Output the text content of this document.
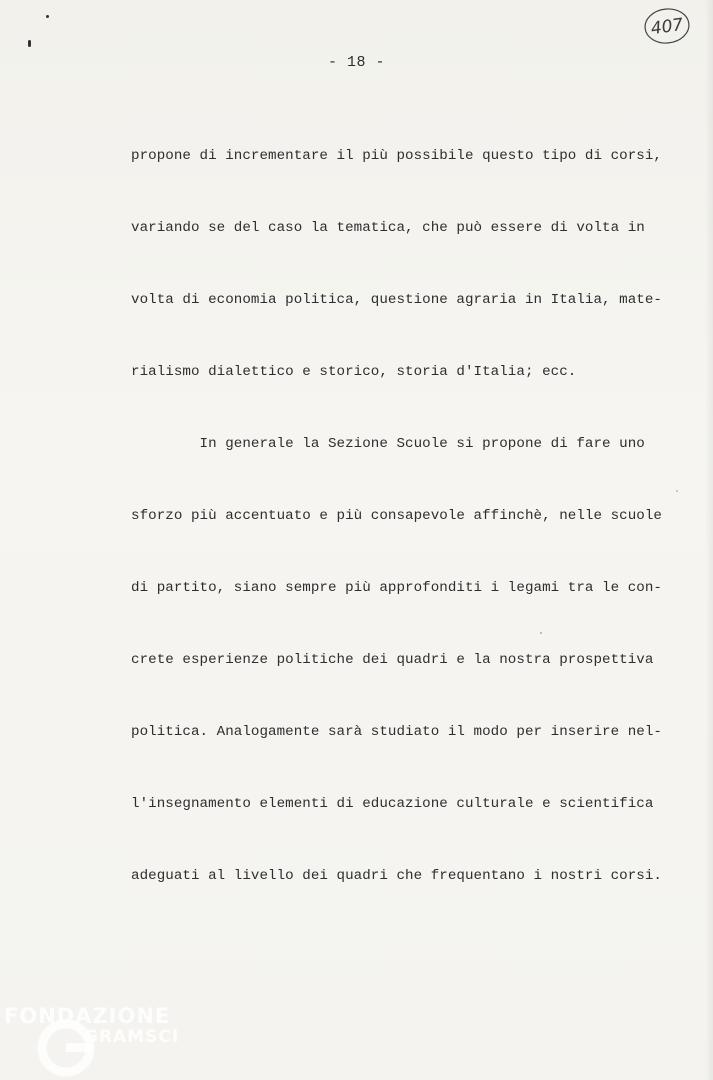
407
- 18 -

propone di incrementare il più possibile questo tipo di corsi,

variando se del caso la tematica, che può essere di volta in

volta di economia politica, questione agraria in Italia, mate-

rialismo dialettico e storico, storia d'Italia; ecc.

In generale la Sezione Scuole si propone di fare uno

sforzo più accentuato e più consapevole affinchè, nelle scuole

di partito, siano sempre più approfonditi i legami tra le con-

crete esperienze politiche dei quadri e la nostra prospettiva

politica. Analogamente sarà studiato il modo per inserire nel-

l'insegnamento elementi di educazione culturale e scientifica

adeguati al livello dei quadri che frequentano i nostri corsi.

FONDAZIONE
GRAMSCI
